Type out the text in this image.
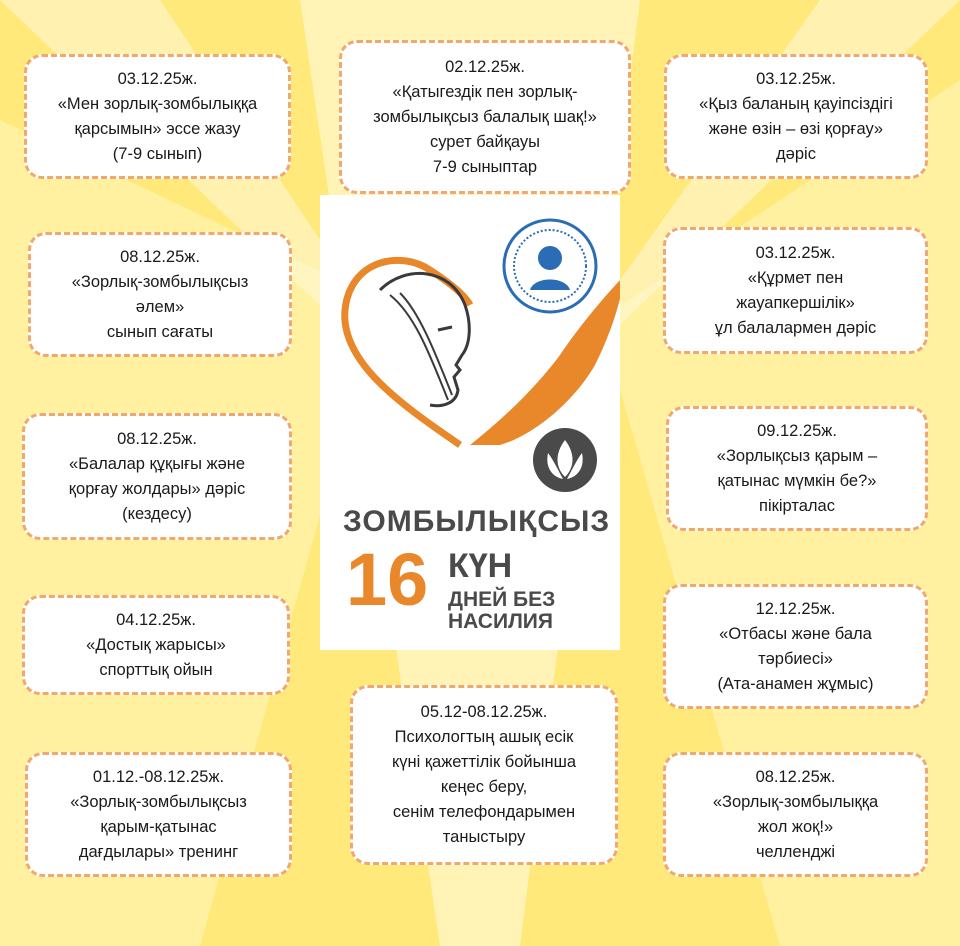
ЗОМБЫЛЫҚСЫЗ
16 КҮН
ДНЕЙ БЕЗ
НАСИЛИЯ
03.12.25ж.
«Мен зорлық-зомбылыққа
қарсымын» эссе жазу
(7-9 сынып)
02.12.25ж.
«Қатыгездік пен зорлық-
зомбылықсыз балалық шақ!»
сурет байқауы
7-9 сыныптар
03.12.25ж.
«Қыз баланың қауіпсіздігі
және өзін – өзі қорғау»
дәріс
08.12.25ж.
«Зорлық-зомбылықсыз
әлем»
сынып сағаты
03.12.25ж.
«Құрмет пен
жауапкершілік»
ұл балалармен дәріс
08.12.25ж.
«Балалар құқығы және
қорғау жолдары» дәріс
(кездесу)
09.12.25ж.
«Зорлықсыз қарым –
қатынас мүмкін бе?»
пікірталас
04.12.25ж.
«Достық жарысы»
спорттық ойын
12.12.25ж.
«Отбасы және бала
тәрбиесі»
(Ата-анамен жұмыс)
05.12-08.12.25ж.
Психологтың ашық есік
күні қажеттілік бойынша
кеңес беру,
сенім телефондарымен
таныстыру
01.12.-08.12.25ж.
«Зорлық-зомбылықсыз
қарым-қатынас
дағдылары» тренинг
08.12.25ж.
«Зорлық-зомбылыққа
жол жоқ!»
челленджі
